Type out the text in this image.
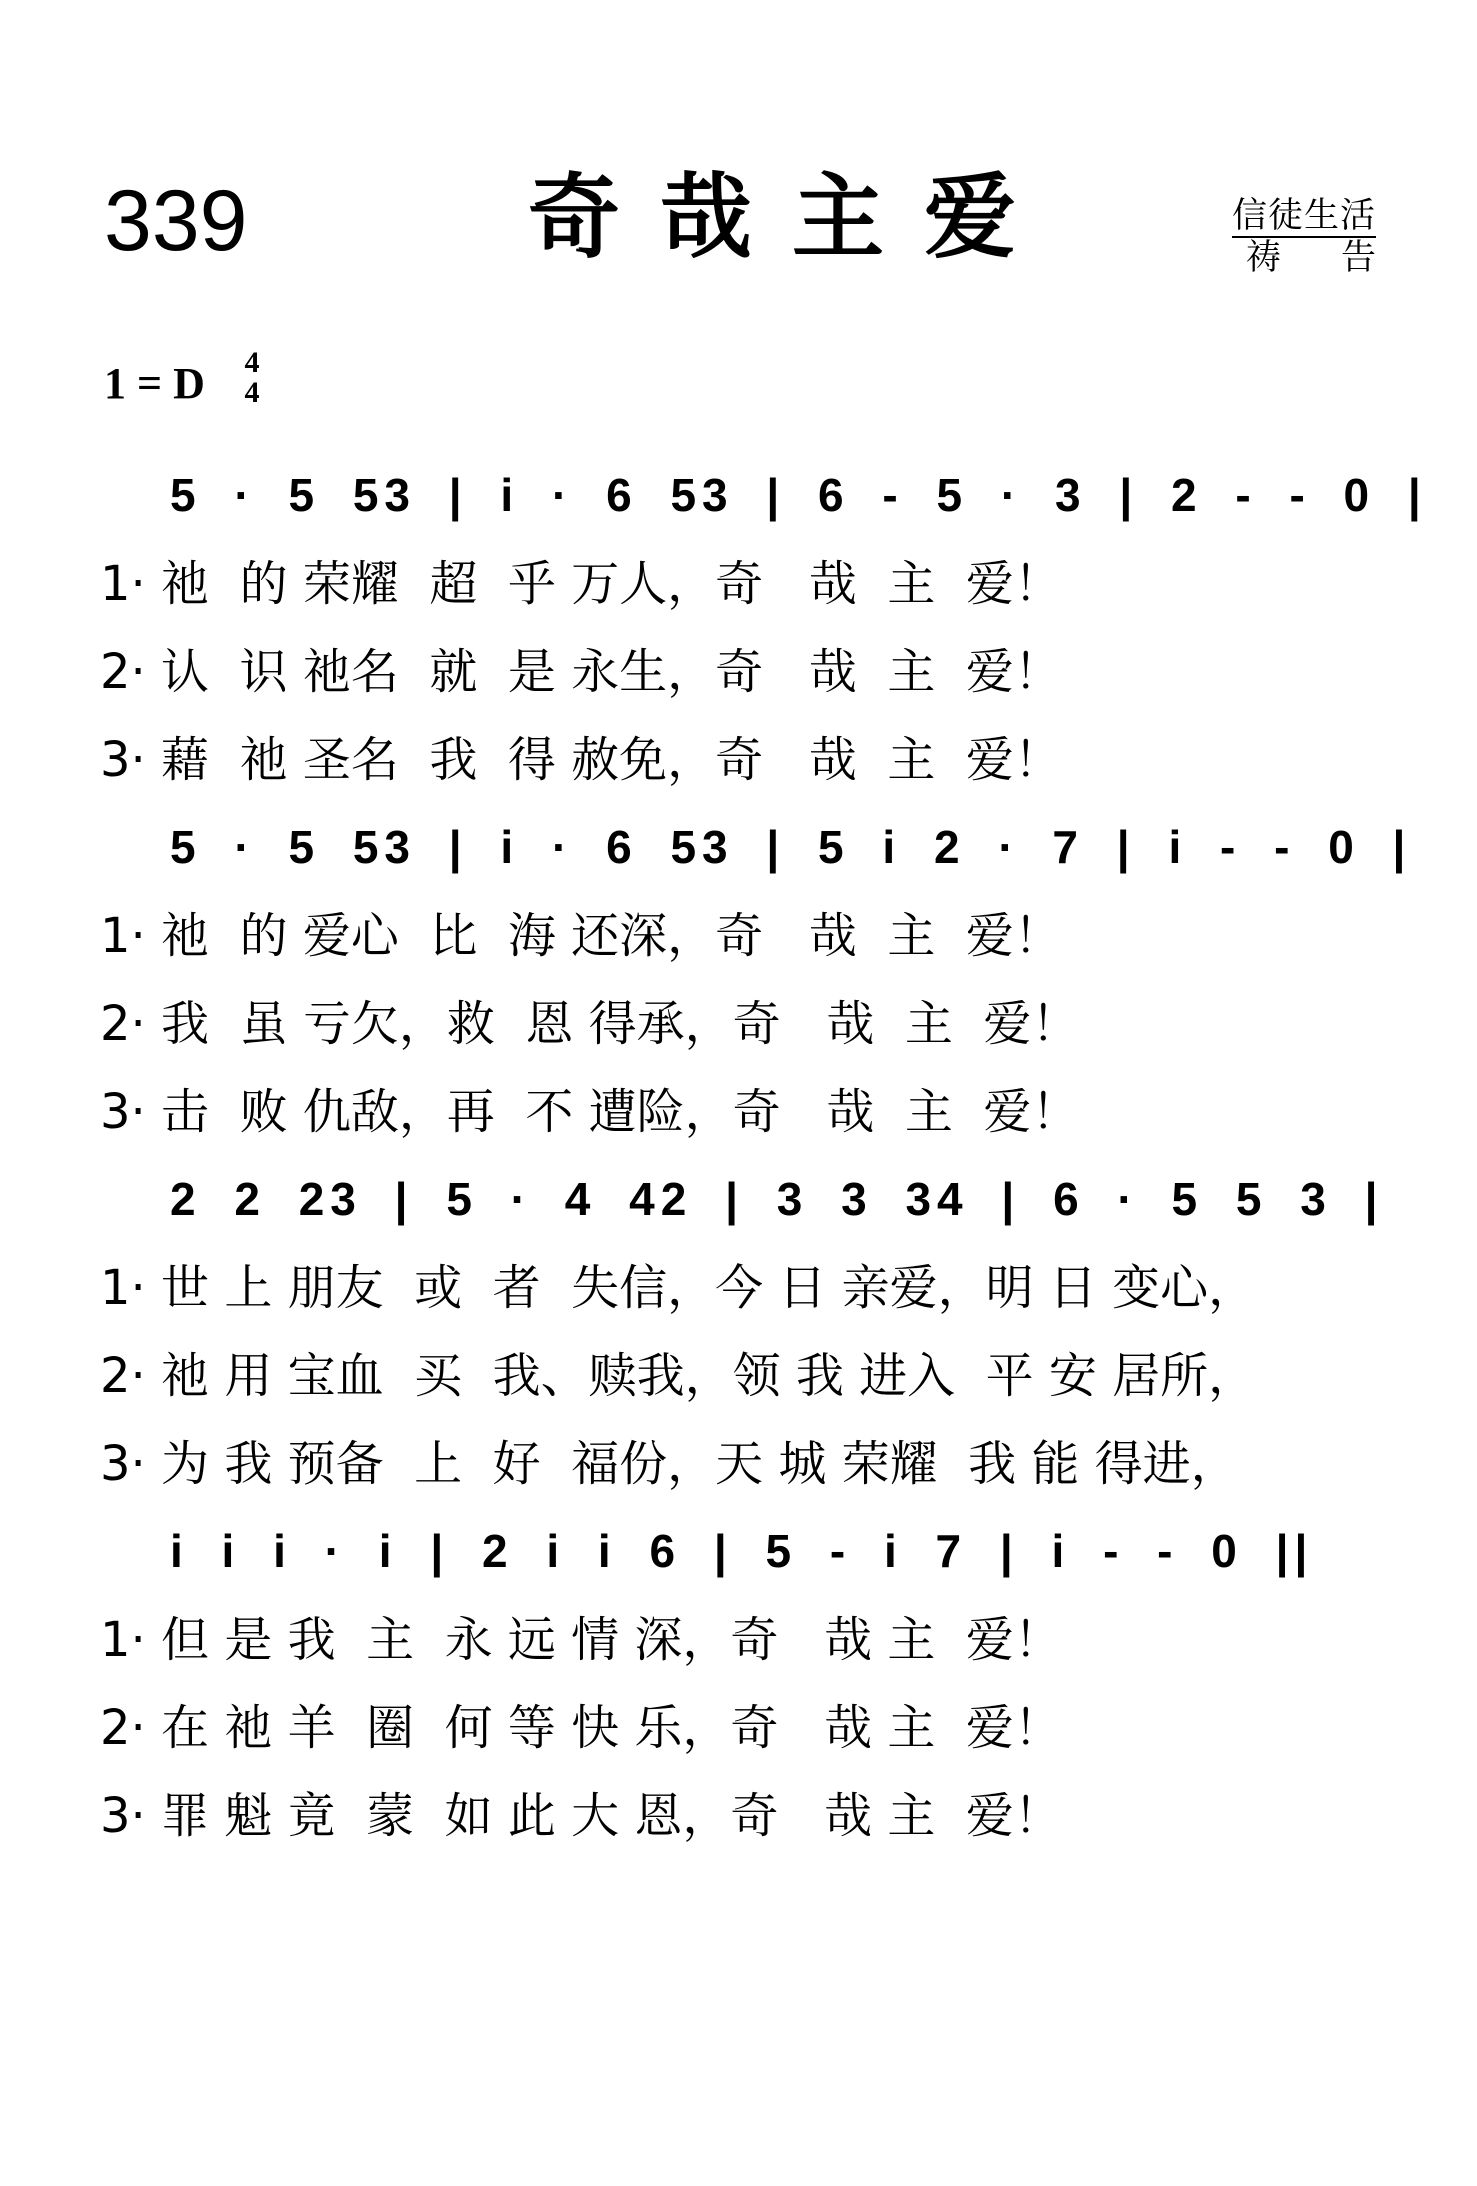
339	奇哉主爱	信徒生活
祷告
1 = D 4
4
5 · 5 53 | i · 6 53 | 6 - 5 · 3 | 2 - - 0 |
1· 祂  的 荣耀  超  乎 万人，奇   哉  主  爱！
2· 认  识 祂名  就  是 永生，奇   哉  主  爱！
3· 藉  祂 圣名  我  得 赦免，奇   哉  主  爱！
5 · 5 53 | i · 6 53 | 5 i 2 · 7 | i - - 0 |
1· 祂  的 爱心  比  海 还深，奇   哉  主  爱！
2· 我  虽 亏欠，救  恩 得承，奇   哉  主  爱！
3· 击  败 仇敌，再  不 遭险，奇   哉  主  爱！
2 2 23 | 5 · 4 42 | 3 3 34 | 6 · 5 5 3 |
1· 世 上 朋友  或  者  失信，今 日 亲爱，明 日 变心，
2· 祂 用 宝血  买  我、赎我，领 我 进入  平 安 居所，
3· 为 我 预备  上  好  福份，天 城 荣耀  我 能 得进，
i i i · i | 2 i i 6 | 5 - i 7 | i - - 0 ||
1· 但 是 我  主  永 远 情 深，奇   哉 主  爱！
2· 在 祂 羊  圈  何 等 快 乐，奇   哉 主  爱！
3· 罪 魁 竟  蒙  如 此 大 恩，奇   哉 主  爱！
